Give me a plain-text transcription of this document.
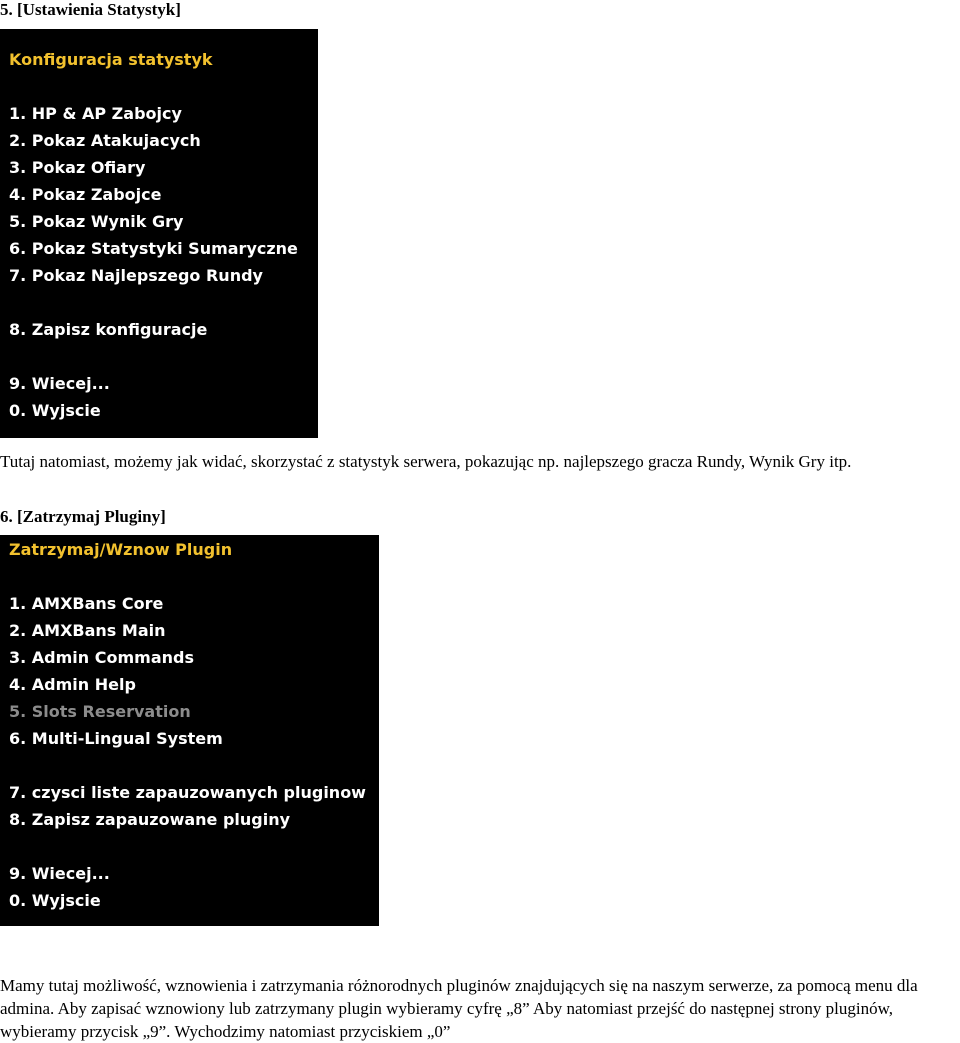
5. [Ustawienia Statystyk]
Konfiguracja statystyk
1. HP & AP Zabojcy
2. Pokaz Atakujacych
3. Pokaz Ofiary
4. Pokaz Zabojce
5. Pokaz Wynik Gry
6. Pokaz Statystyki Sumaryczne
7. Pokaz Najlepszego Rundy
8. Zapisz konfiguracje
9. Wiecej...
0. Wyjscie
Tutaj natomiast, możemy jak widać, skorzystać z statystyk serwera, pokazując np. najlepszego gracza Rundy, Wynik Gry itp.
6. [Zatrzymaj Pluginy]
Zatrzymaj/Wznow Plugin
1. AMXBans Core
2. AMXBans Main
3. Admin Commands
4. Admin Help
5. Slots Reservation
6. Multi-Lingual System
7. czysci liste zapauzowanych pluginow
8. Zapisz zapauzowane pluginy
9. Wiecej...
0. Wyjscie
Mamy tutaj możliwość, wznowienia i zatrzymania różnorodnych pluginów znajdujących się na naszym serwerze, za pomocą menu dla admina. Aby zapisać wznowiony lub zatrzymany plugin wybieramy cyfrę „8” Aby natomiast przejść do następnej strony pluginów, wybieramy przycisk „9”. Wychodzimy natomiast przyciskiem „0”
